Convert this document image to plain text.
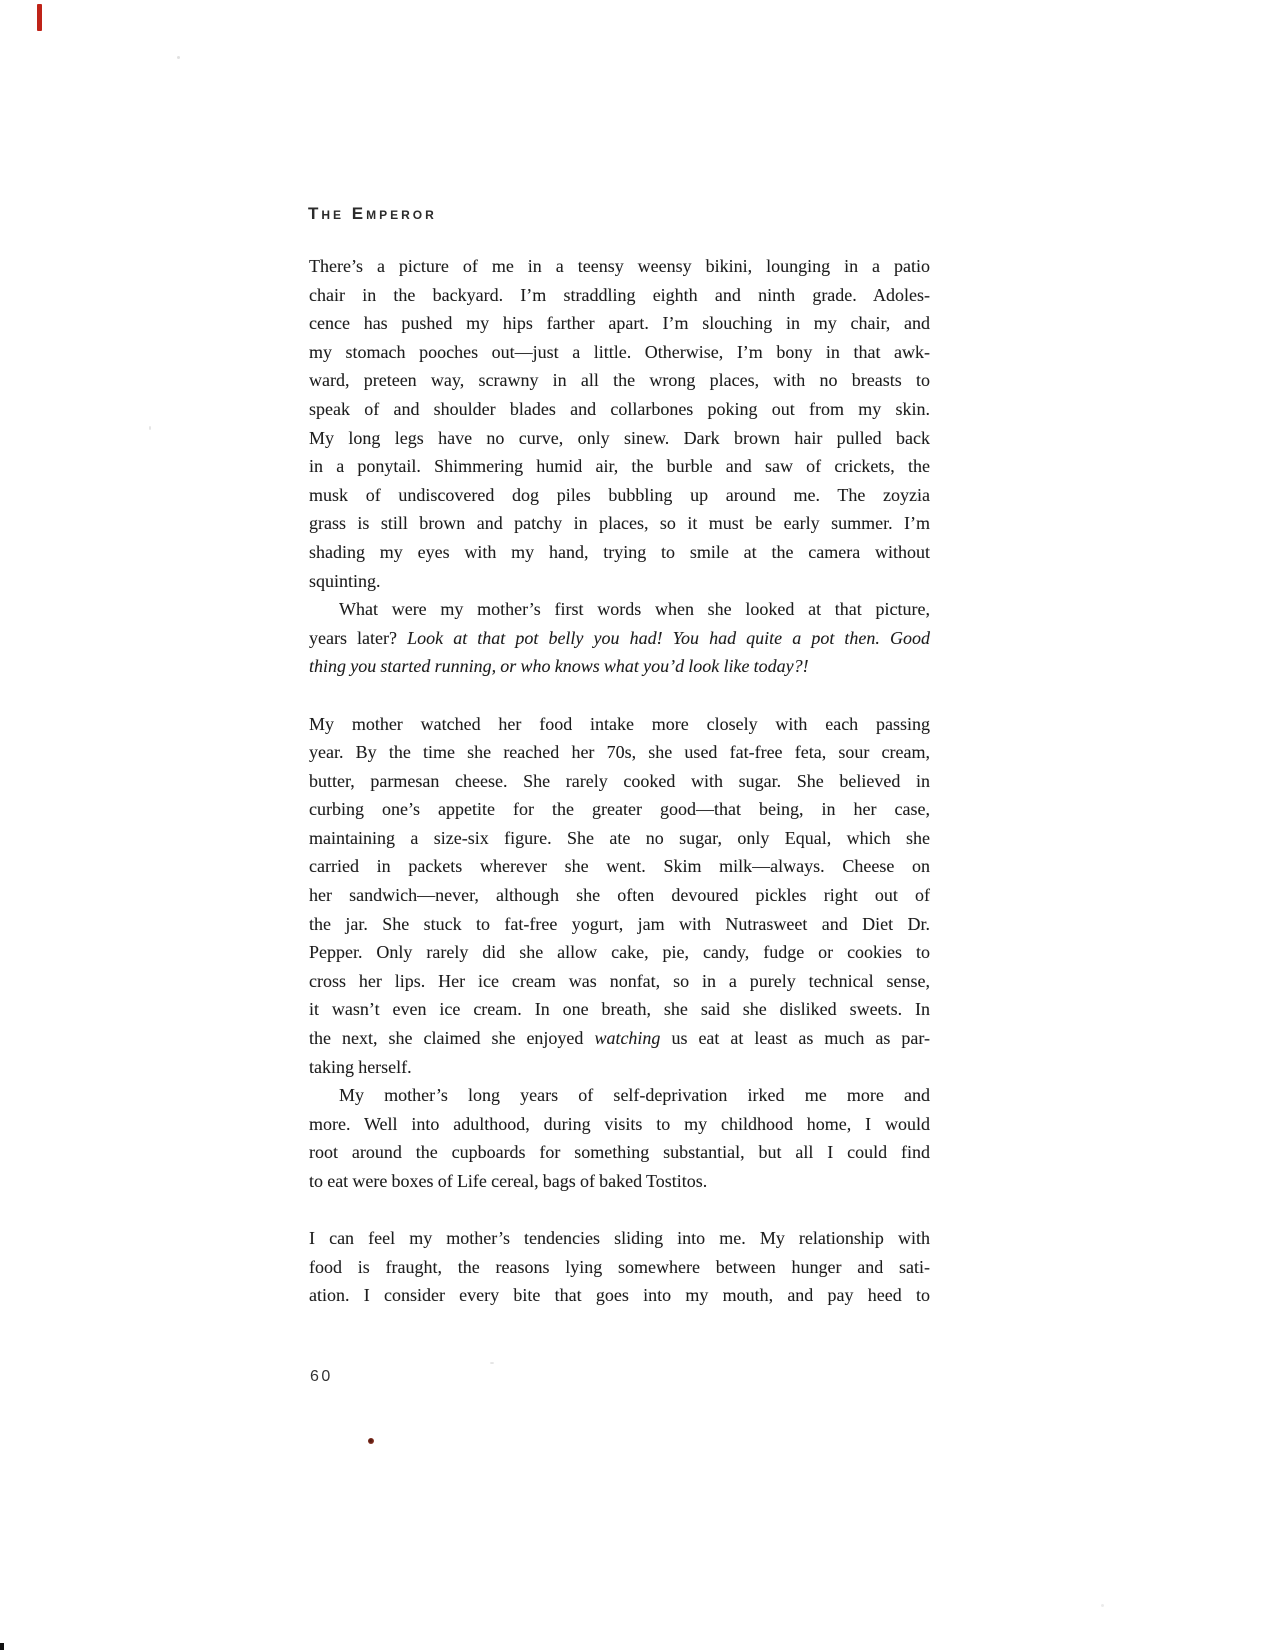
The Emperor
There’s a picture of me in a teensy weensy bikini, lounging in a patio
chair in the backyard. I’m straddling eighth and ninth grade. Adoles-
cence has pushed my hips farther apart. I’m slouching in my chair, and
my stomach pooches out—just a little. Otherwise, I’m bony in that awk-
ward, preteen way, scrawny in all the wrong places, with no breasts to
speak of and shoulder blades and collarbones poking out from my skin.
My long legs have no curve, only sinew. Dark brown hair pulled back
in a ponytail. Shimmering humid air, the burble and saw of crickets, the
musk of undiscovered dog piles bubbling up around me. The zoyzia
grass is still brown and patchy in places, so it must be early summer. I’m
shading my eyes with my hand, trying to smile at the camera without
squinting.
What were my mother’s first words when she looked at that picture,
years later? Look at that pot belly you had! You had quite a pot then. Good
thing you started running, or who knows what you’d look like today?!
My mother watched her food intake more closely with each passing
year. By the time she reached her 70s, she used fat-free feta, sour cream,
butter, parmesan cheese. She rarely cooked with sugar. She believed in
curbing one’s appetite for the greater good—that being, in her case,
maintaining a size-six figure. She ate no sugar, only Equal, which she
carried in packets wherever she went. Skim milk—always. Cheese on
her sandwich—never, although she often devoured pickles right out of
the jar. She stuck to fat-free yogurt, jam with Nutrasweet and Diet Dr.
Pepper. Only rarely did she allow cake, pie, candy, fudge or cookies to
cross her lips. Her ice cream was nonfat, so in a purely technical sense,
it wasn’t even ice cream. In one breath, she said she disliked sweets. In
the next, she claimed she enjoyed watching us eat at least as much as par-
taking herself.
My mother’s long years of self-deprivation irked me more and
more. Well into adulthood, during visits to my childhood home, I would
root around the cupboards for something substantial, but all I could find
to eat were boxes of Life cereal, bags of baked Tostitos.
I can feel my mother’s tendencies sliding into me. My relationship with
food is fraught, the reasons lying somewhere between hunger and sati-
ation. I consider every bite that goes into my mouth, and pay heed to
60
